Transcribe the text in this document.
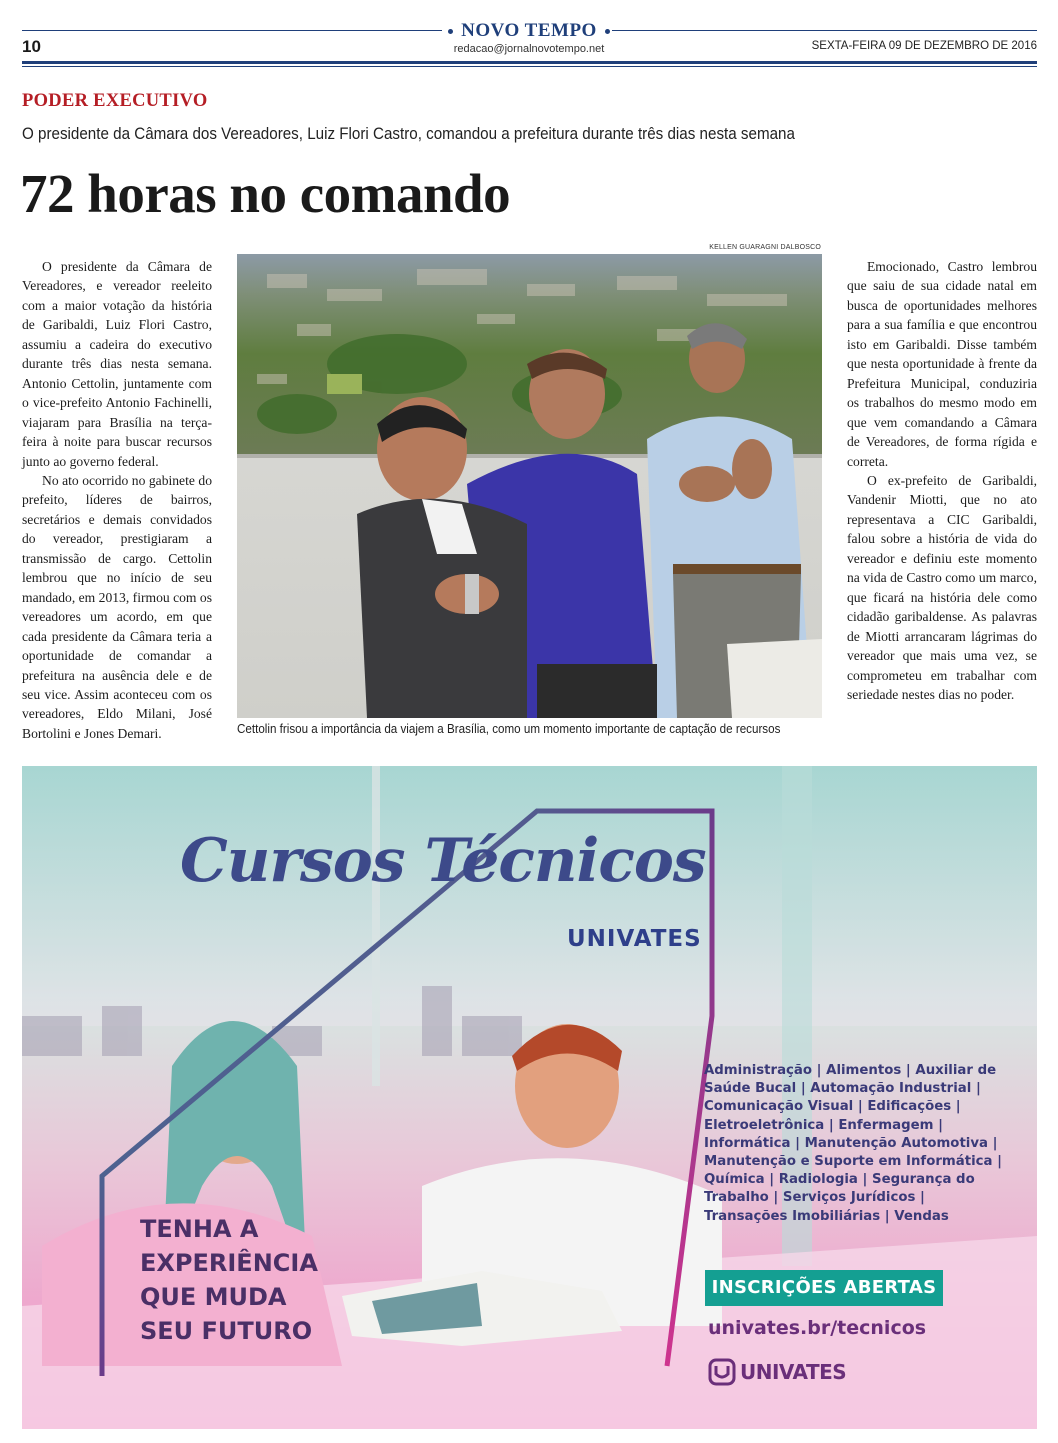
NOVO TEMPO
10	redacao@jornalnovotempo.net	SEXTA-FEIRA 09 DE DEZEMBRO DE 2016
PODER EXECUTIVO
O presidente da Câmara dos Vereadores, Luiz Flori Castro, comandou a prefeitura durante três dias nesta semana
72 horas no comando

O presidente da Câmara de Vereadores, e vereador reeleito com a maior votação da história de Garibaldi, Luiz Flori Castro, assumiu a cadeira do executivo durante três dias nesta semana. Antonio Cettolin, juntamente com o vice-prefeito Antonio Fachinelli, viajaram para Brasília na terça-feira à noite para buscar recursos junto ao governo federal.

No ato ocorrido no gabinete do prefeito, líderes de bairros, secretários e demais convidados do vereador, prestigiaram a transmissão de cargo. Cettolin lembrou que no início de seu mandado, em 2013, firmou com os vereadores um acordo, em que cada presidente da Câmara teria a oportunidade de comandar a prefeitura na ausência dele e de seu vice. Assim aconteceu com os vereadores, Eldo Milani, José Bortolini e Jones Demari.

KELLEN GUARAGNI DALBOSCO
Cettolin frisou a importância da viajem a Brasília, como um momento importante de captação de recursos

Emocionado, Castro lembrou que saiu de sua cidade natal em busca de oportunidades melhores para a sua família e que encontrou isto em Garibaldi. Disse também que nesta oportunidade à frente da Prefeitura Municipal, conduziria os trabalhos do mesmo modo em que vem comandando a Câmara de Vereadores, de forma rígida e correta.

O ex-prefeito de Garibaldi, Vandenir Miotti, que no ato representava a CIC Garibaldi, falou sobre a história de vida do vereador e definiu este momento na vida de Castro como um marco, que ficará na história dele como cidadão garibaldense. As palavras de Miotti arrancaram lágrimas do vereador que mais uma vez, se comprometeu em trabalhar com seriedade nestes dias no poder.

Cursos Técnicos
UNIVATES
Administração | Alimentos | Auxiliar de Saúde Bucal | Automação Industrial | Comunicação Visual | Edificações | Eletroeletrônica | Enfermagem | Informática | Manutenção Automotiva | Manutenção e Suporte em Informática | Química | Radiologia | Segurança do Trabalho | Serviços Jurídicos | Transações Imobiliárias | Vendas
TENHA A
EXPERIÊNCIA
QUE MUDA
SEU FUTURO
INSCRIÇÕES ABERTAS
univates.br/tecnicos
UNIVATES
